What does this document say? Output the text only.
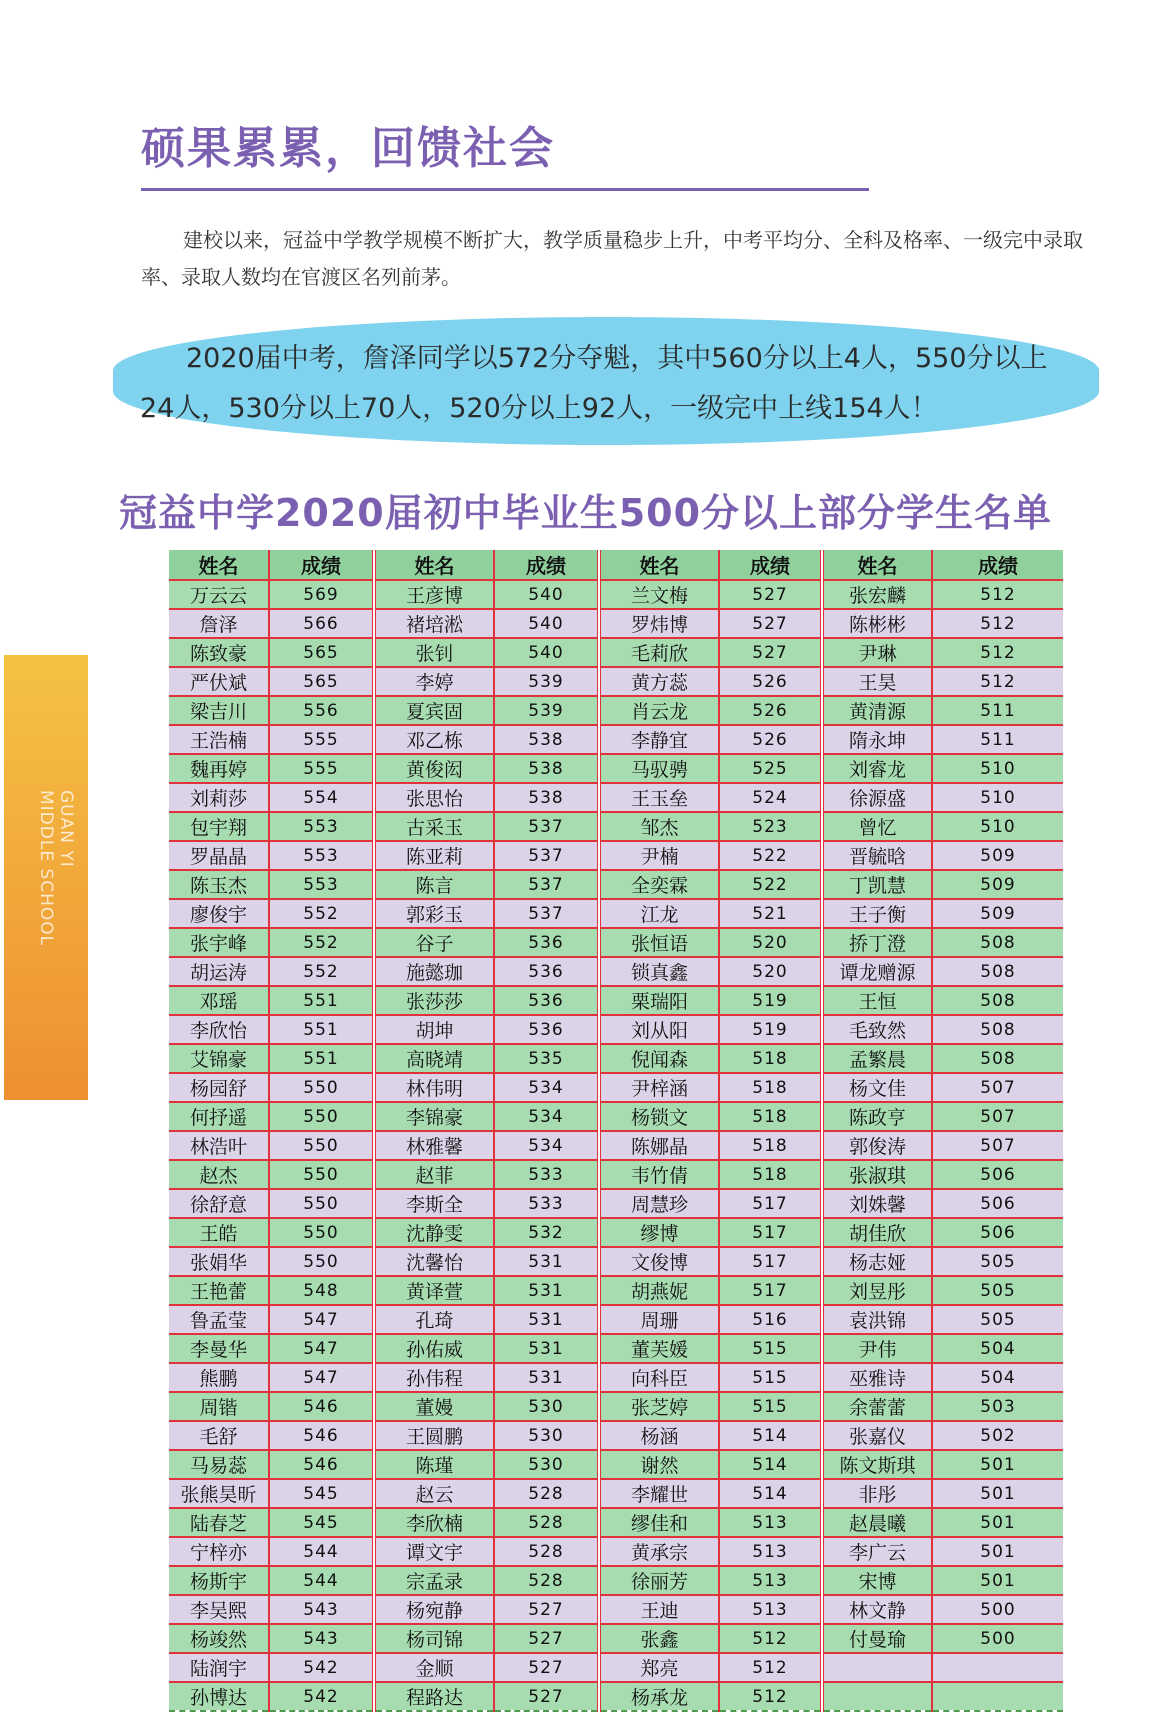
GUAN YI
MIDDLE SCHOOL
硕果累累，回馈社会

建校以来，冠益中学教学规模不断扩大，教学质量稳步上升，中考平均分、全科及格率、一级完中录取率、录取人数均在官渡区名列前茅。

2020届中考，詹泽同学以572分夺魁，其中560分以上4人，550分以上24人，530分以上70人，520分以上92人，一级完中上线154人！

冠益中学2020届初中毕业生500分以上部分学生名单
姓名	成绩	姓名	成绩	姓名	成绩	姓名	成绩
万云云	569	王彦博	540	兰文梅	527	张宏麟	512
詹泽	566	褚培淞	540	罗炜博	527	陈彬彬	512
陈致豪	565	张钊	540	毛莉欣	527	尹琳	512
严伏斌	565	李婷	539	黄方蕊	526	王昊	512
梁吉川	556	夏宾固	539	肖云龙	526	黄清源	511
王浩楠	555	邓乙栋	538	李静宜	526	隋永坤	511
魏再婷	555	黄俊闳	538	马驭骋	525	刘睿龙	510
刘莉莎	554	张思怡	538	王玉垒	524	徐源盛	510
包宇翔	553	古采玉	537	邹杰	523	曾忆	510
罗晶晶	553	陈亚莉	537	尹楠	522	晋毓晗	509
陈玉杰	553	陈言	537	全奕霖	522	丁凯慧	509
廖俊宇	552	郭彩玉	537	江龙	521	王子衡	509
张宇峰	552	谷子	536	张恒语	520	挢丁澄	508
胡运涛	552	施懿珈	536	锁真鑫	520	谭龙赠源	508
邓瑶	551	张莎莎	536	栗瑞阳	519	王恒	508
李欣怡	551	胡坤	536	刘从阳	519	毛致然	508
艾锦豪	551	高晓靖	535	倪闻森	518	孟繁晨	508
杨园舒	550	林伟明	534	尹梓涵	518	杨文佳	507
何抒遥	550	李锦豪	534	杨锁文	518	陈政亨	507
林浩叶	550	林雅馨	534	陈娜晶	518	郭俊涛	507
赵杰	550	赵菲	533	韦竹倩	518	张淑琪	506
徐舒意	550	李斯全	533	周慧珍	517	刘姝馨	506
王皓	550	沈静雯	532	缪博	517	胡佳欣	506
张娟华	550	沈馨怡	531	文俊博	517	杨志娅	505
王艳蕾	548	黄译萱	531	胡燕妮	517	刘昱彤	505
鲁孟莹	547	孔琦	531	周珊	516	袁洪锦	505
李曼华	547	孙佑威	531	董芙媛	515	尹伟	504
熊鹏	547	孙伟程	531	向科臣	515	巫雅诗	504
周锴	546	董嫚	530	张芝婷	515	余蕾蕾	503
毛舒	546	王圆鹏	530	杨涵	514	张嘉仪	502
马易蕊	546	陈瑾	530	谢然	514	陈文斯琪	501
张熊昊昕	545	赵云	528	李耀世	514	非彤	501
陆春芝	545	李欣楠	528	缪佳和	513	赵晨曦	501
宁梓亦	544	谭文宇	528	黄承宗	513	李广云	501
杨斯宇	544	宗孟录	528	徐丽芳	513	宋博	501
李吴熙	543	杨宛静	527	王迪	513	林文静	500
杨竣然	543	杨司锦	527	张鑫	512	付曼瑜	500
陆润宇	542	金顺	527	郑亮	512		
孙博达	542	程路达	527	杨承龙	512		
